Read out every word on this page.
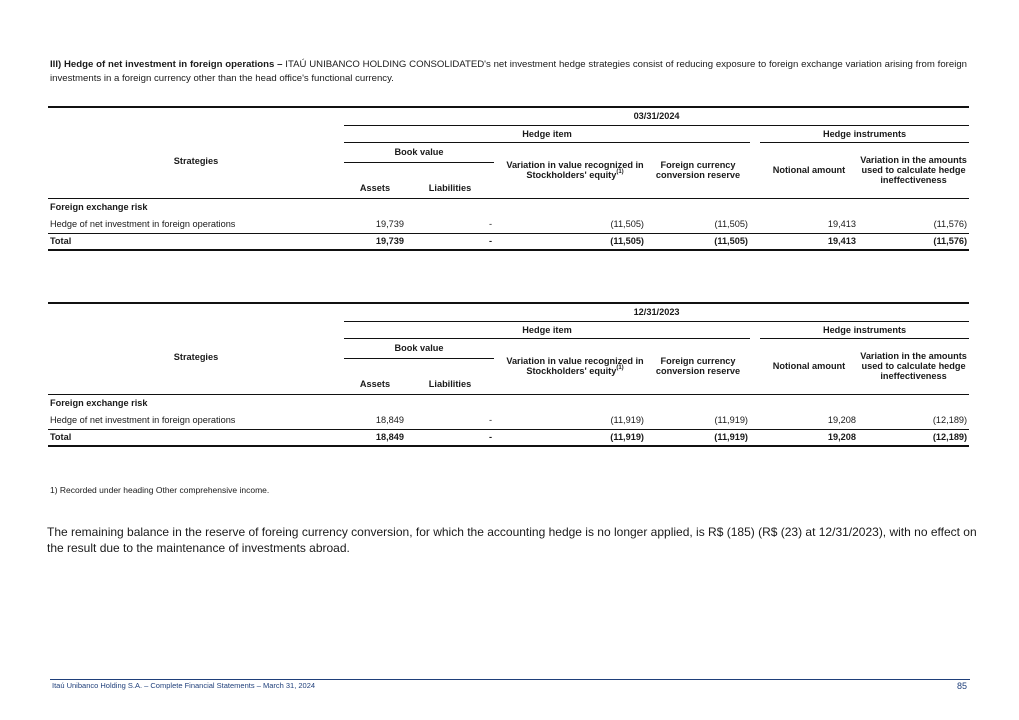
III) Hedge of net investment in foreign operations – ITAÚ UNIBANCO HOLDING CONSOLIDATED's net investment hedge strategies consist of reducing exposure to foreign exchange variation arising from foreign investments in a foreign currency other than the head office's functional currency.
	03/31/2024							
Strategies	Hedge item						Hedge instruments	
	Book value			Variation in value recognized in Stockholders' equity$^{(1)}$	Foreign currency conversion reserve		Notional amount	Variation in the amounts used to calculate hedge ineffectiveness

	Assets	Liabilities						
Foreign exchange risk								
Hedge of net investment in foreign operations	19,739	-		(11,505)	(11,505)		19,413	(11,576)
Total	19,739	-		(11,505)	(11,505)		19,413	(11,576)
	12/31/2023							
Strategies	Hedge item						Hedge instruments	
	Book value			Variation in value recognized in Stockholders' equity$^{(1)}$	Foreign currency conversion reserve		Notional amount	Variation in the amounts used to calculate hedge ineffectiveness

	Assets	Liabilities						
Foreign exchange risk								
Hedge of net investment in foreign operations	18,849	-		(11,919)	(11,919)		19,208	(12,189)
Total	18,849	-		(11,919)	(11,919)		19,208	(12,189)
1) Recorded under heading Other comprehensive income.
The remaining balance in the reserve of foreing currency conversion, for which the accounting hedge is no longer applied, is R$ (185) (R$ (23) at 12/31/2023), with no effect on the result due to the maintenance of investments abroad.
Itaú Unibanco Holding S.A. – Complete Financial Statements – March 31, 2024	85
